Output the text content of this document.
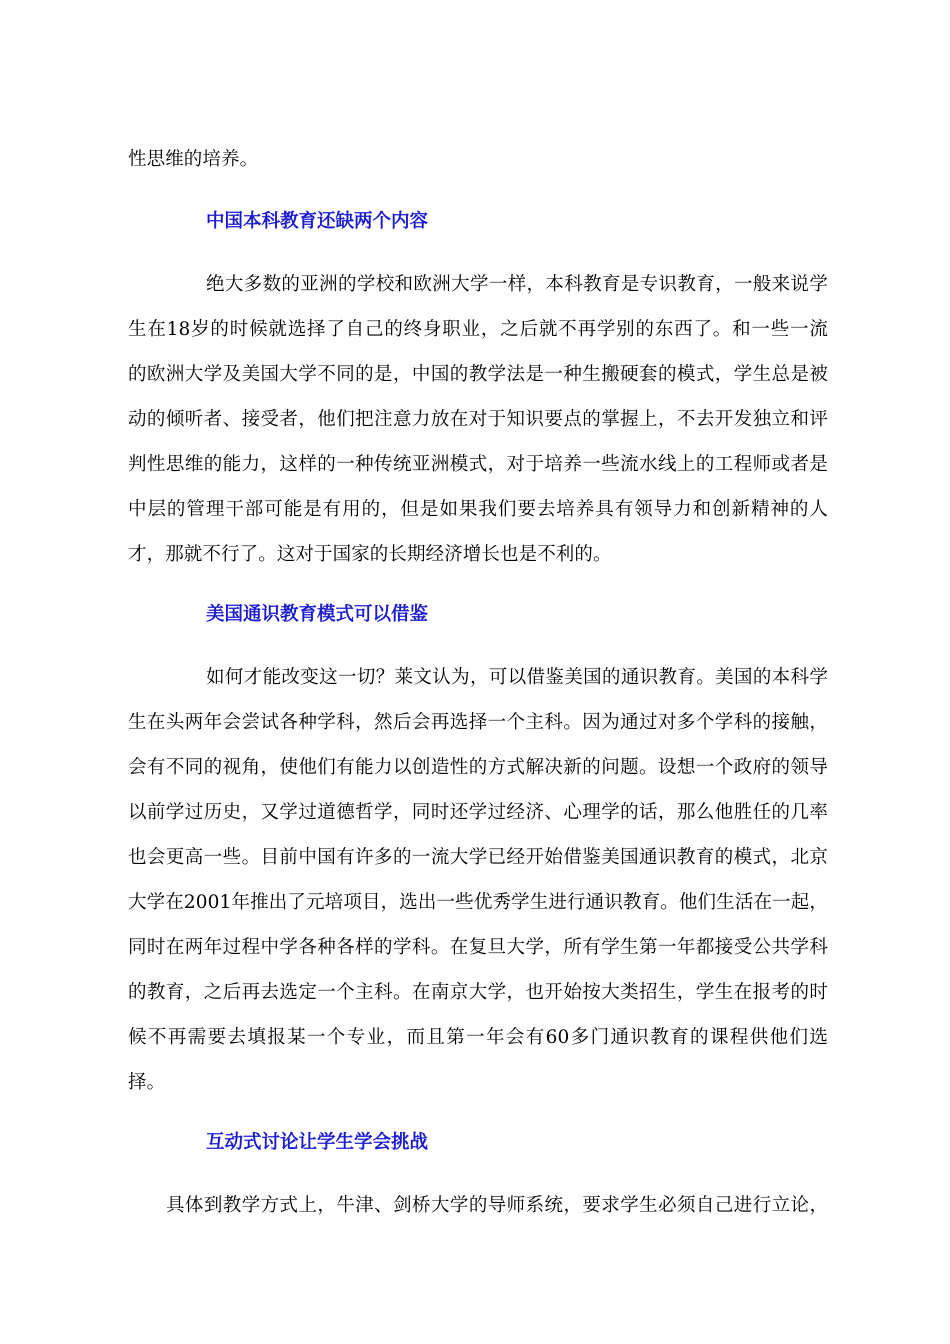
性思维的培养。
中国本科教育还缺两个内容
绝大多数的亚洲的学校和欧洲大学一样，本科教育是专识教育，一般来说学
生在18岁的时候就选择了自己的终身职业，之后就不再学别的东西了。和一些一流
的欧洲大学及美国大学不同的是，中国的教学法是一种生搬硬套的模式，学生总是被
动的倾听者、接受者，他们把注意力放在对于知识要点的掌握上，不去开发独立和评
判性思维的能力，这样的一种传统亚洲模式，对于培养一些流水线上的工程师或者是
中层的管理干部可能是有用的，但是如果我们要去培养具有领导力和创新精神的人
才，那就不行了。这对于国家的长期经济增长也是不利的。
美国通识教育模式可以借鉴
如何才能改变这一切？莱文认为，可以借鉴美国的通识教育。美国的本科学
生在头两年会尝试各种学科，然后会再选择一个主科。因为通过对多个学科的接触，
会有不同的视角，使他们有能力以创造性的方式解决新的问题。设想一个政府的领导
以前学过历史，又学过道德哲学，同时还学过经济、心理学的话，那么他胜任的几率
也会更高一些。目前中国有许多的一流大学已经开始借鉴美国通识教育的模式，北京
大学在2001年推出了元培项目，选出一些优秀学生进行通识教育。他们生活在一起，
同时在两年过程中学各种各样的学科。在复旦大学，所有学生第一年都接受公共学科
的教育，之后再去选定一个主科。在南京大学，也开始按大类招生，学生在报考的时
候不再需要去填报某一个专业，而且第一年会有60多门通识教育的课程供他们选
择。
互动式讨论让学生学会挑战
具体到教学方式上，牛津、剑桥大学的导师系统，要求学生必须自己进行立论，
